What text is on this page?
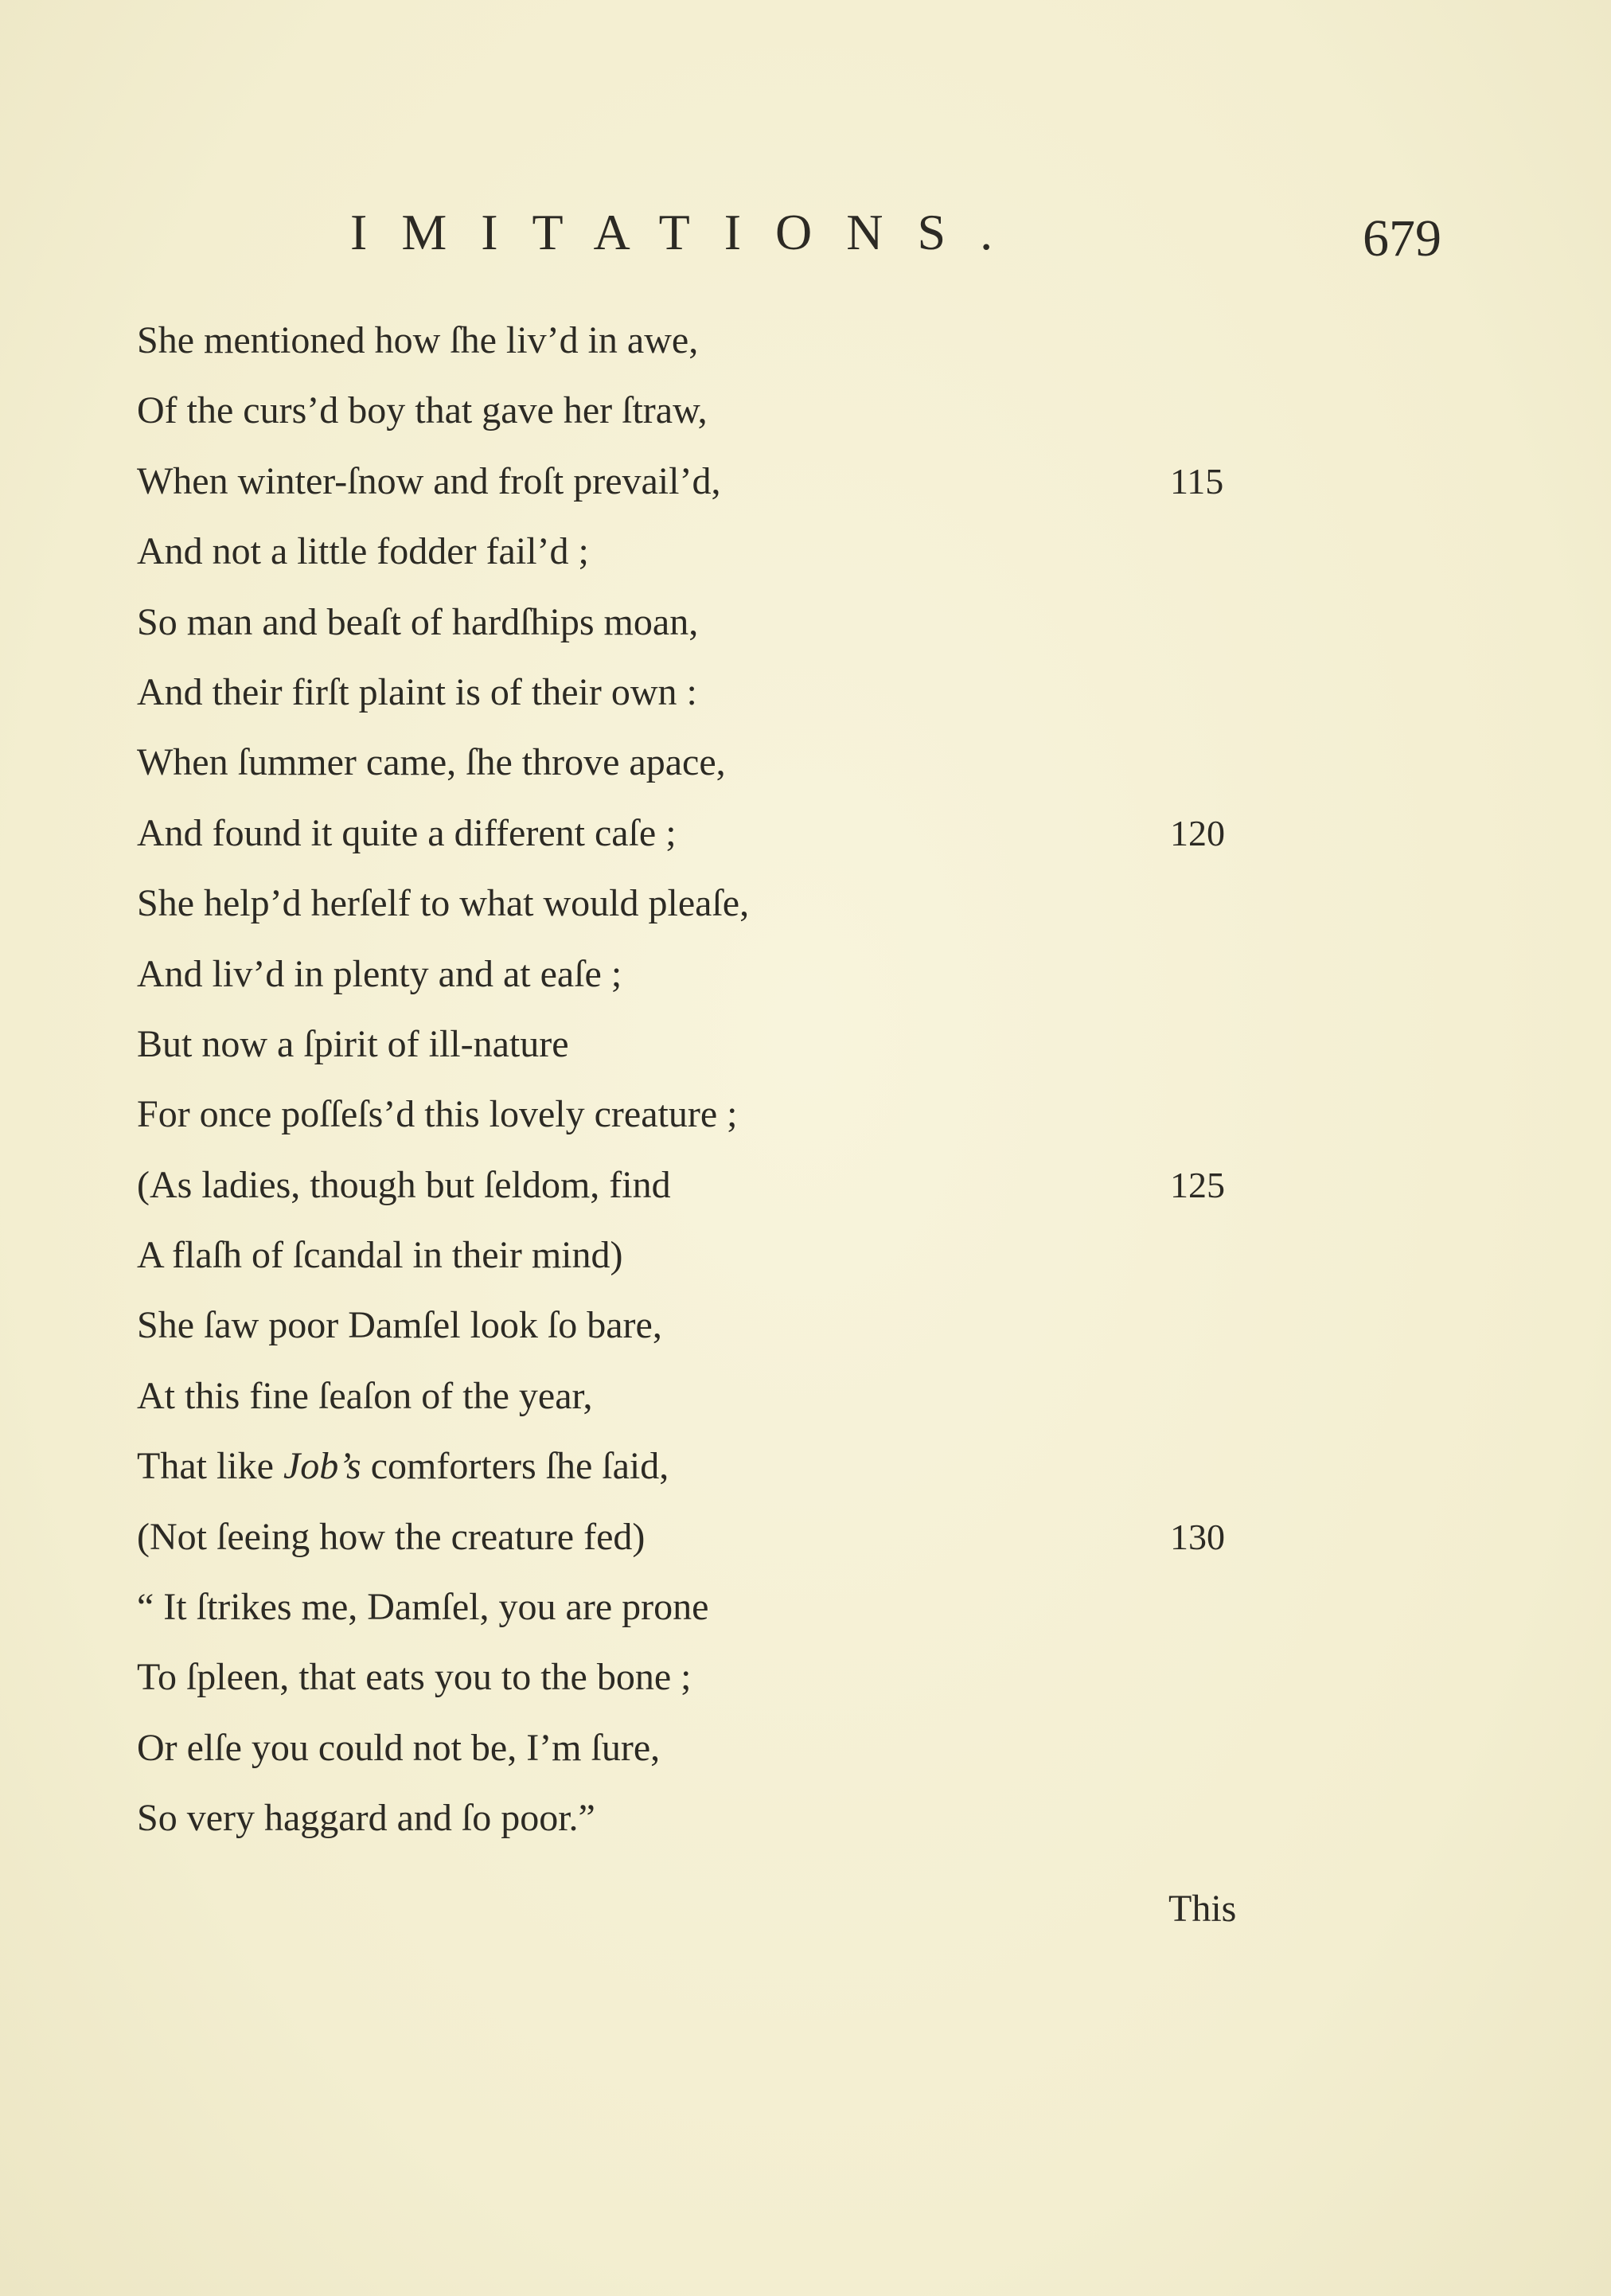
IMITATIONS.	679
She mentioned how ſhe liv’d in awe,
Of the curs’d boy that gave her ſtraw,
When winter-ſnow and froſt prevail’d,
And not a little fodder fail’d ;
So man and beaſt of hardſhips moan,
And their firſt plaint is of their own :
When ſummer came, ſhe throve apace,
And found it quite a different caſe ;
She help’d herſelf to what would pleaſe,
And liv’d in plenty and at eaſe ;
But now a ſpirit of ill-nature
For once poſſeſs’d this lovely creature ;
(As ladies, though but ſeldom, find
A flaſh of ſcandal in their mind)
She ſaw poor Damſel look ſo bare,
At this fine ſeaſon of the year,
That like Job’s comforters ſhe ſaid,
(Not ſeeing how the creature fed)
“ It ſtrikes me, Damſel, you are prone
To ſpleen, that eats you to the bone ;
Or elſe you could not be, I’m ſure,
So very haggard and ſo poor.”
115
120
125
130
This
